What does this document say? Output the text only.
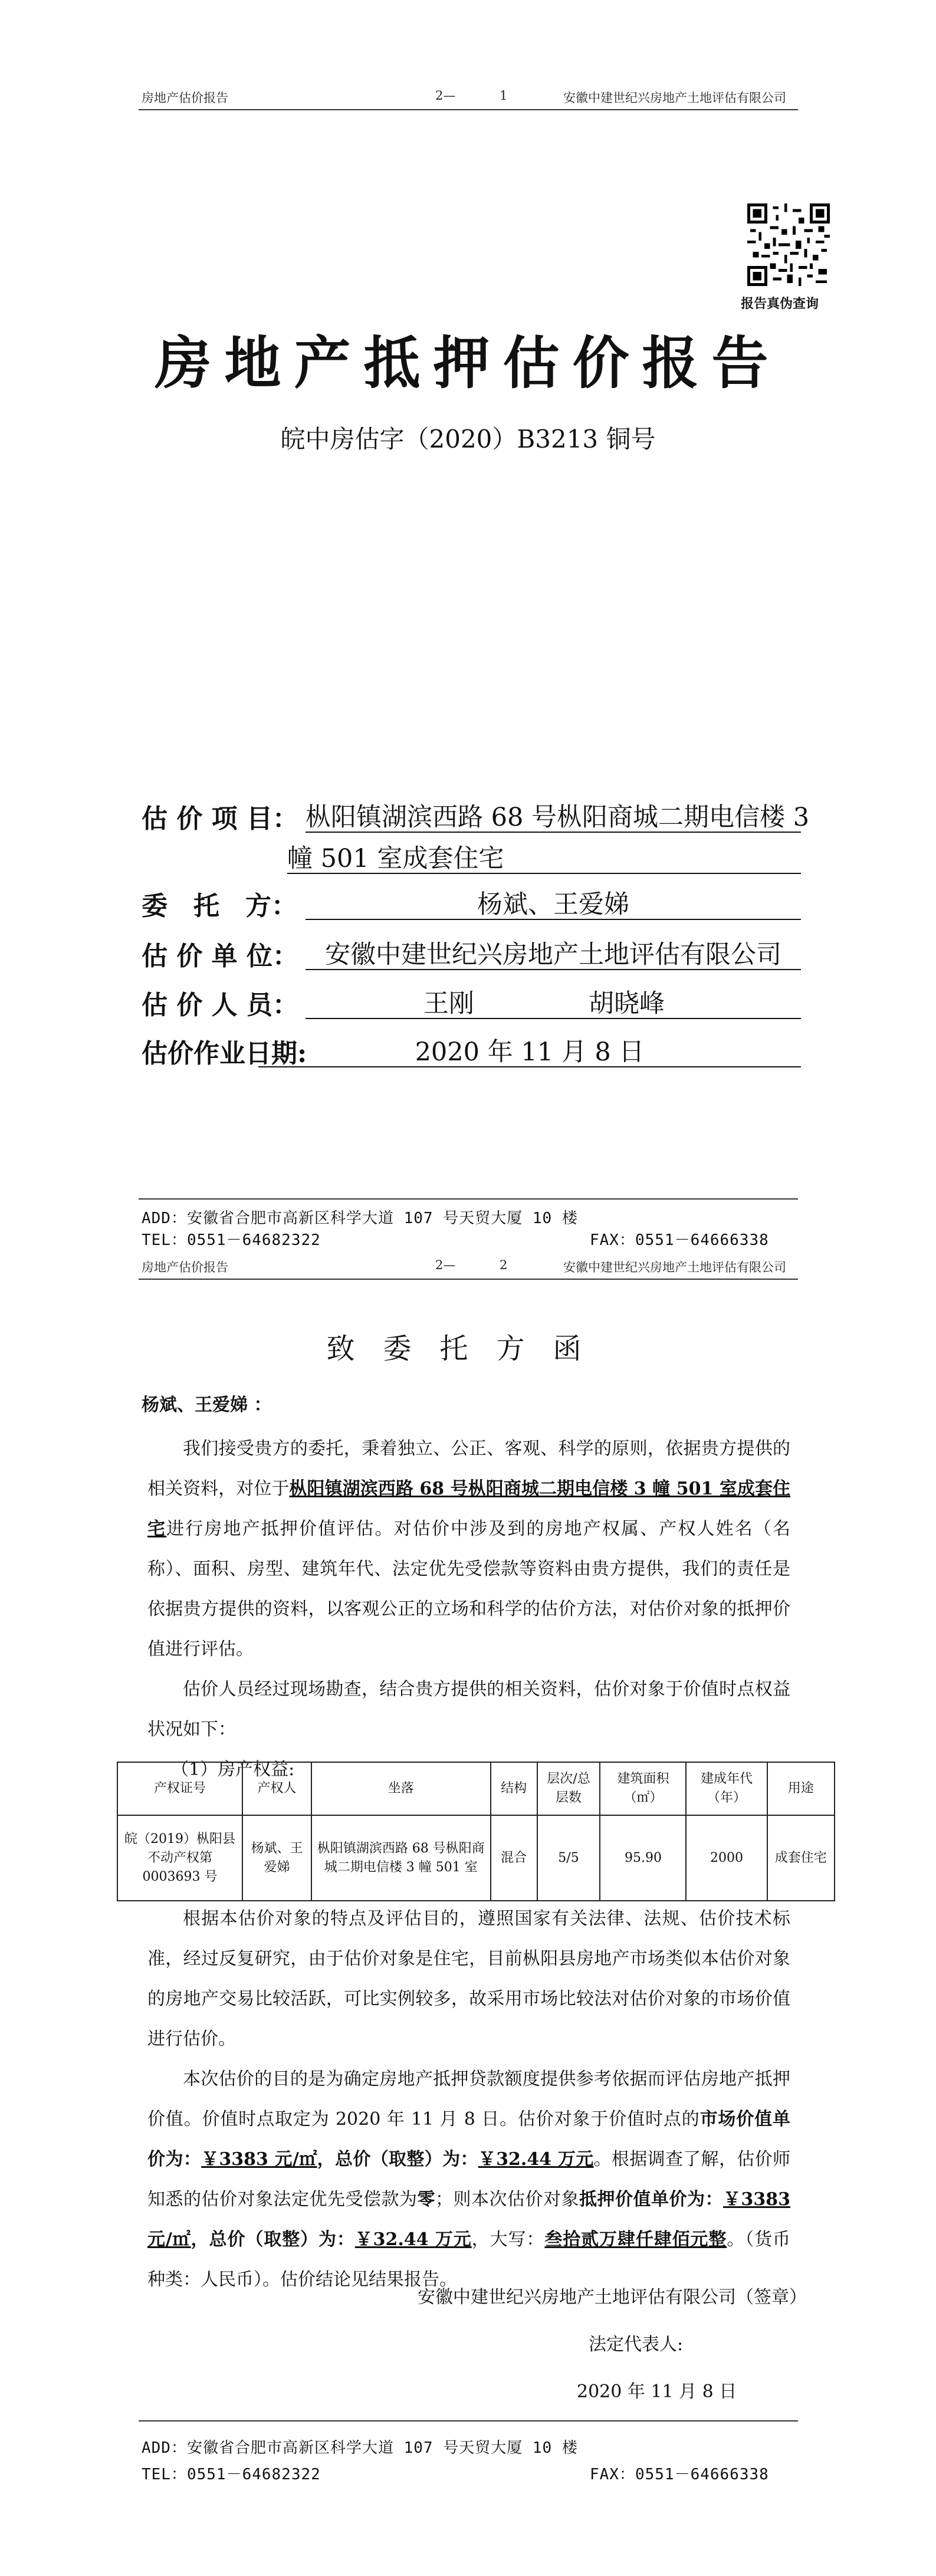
房地产估价报告	2—	1	安徽中建世纪兴房地产土地评估有限公司
报告真伪查询
房地产抵押估价报告
皖中房估字（2020）B3213 铜号
估 价 项 目： 枞阳镇湖滨西路 68 号枞阳商城二期电信楼 3
幢 501 室成套住宅
委　托　方：	杨斌、王爱娣
估 价 单 位：	安徽中建世纪兴房地产土地评估有限公司
估 价 人 员：	王刚	胡晓峰
估价作业日期:	2020 年 11 月 8 日
ADD：安徽省合肥市高新区科学大道 107 号天贸大厦 10 楼
TEL：0551－64682322	FAX：0551－64666338
房地产估价报告	2—	2	安徽中建世纪兴房地产土地评估有限公司
致委托方函
杨斌、王爱娣 ：

我们接受贵方的委托，秉着独立、公正、客观、科学的原则，依据贵方提供的相关资料，对位于枞阳镇湖滨西路 68 号枞阳商城二期电信楼 3 幢 501 室成套住宅进行房地产抵押价值评估。对估价中涉及到的房地产权属、产权人姓名（名称）、面积、房型、建筑年代、法定优先受偿款等资料由贵方提供，我们的责任是依据贵方提供的资料，以客观公正的立场和科学的估价方法，对估价对象的抵押价值进行评估。

估价人员经过现场勘查，结合贵方提供的相关资料，估价对象于价值时点权益状况如下：

（1）房产权益:

产权证号	产权人	坐落	结构	层次/总层数	建筑面积（㎡）	建成年代（年）	用途
皖（2019）枞阳县不动产权第0003693 号	杨斌、王爱娣	枞阳镇湖滨西路 68 号枞阳商城二期电信楼 3 幢 501 室	混合	5/5	95.90	2000	成套住宅

根据本估价对象的特点及评估目的，遵照国家有关法律、法规、估价技术标准，经过反复研究，由于估价对象是住宅，目前枞阳县房地产市场类似本估价对象的房地产交易比较活跃，可比实例较多，故采用市场比较法对估价对象的市场价值进行估价。

本次估价的目的是为确定房地产抵押贷款额度提供参考依据而评估房地产抵押价值。价值时点取定为 2020 年 11 月 8 日。估价对象于价值时点的市场价值单价为：￥3383 元/㎡，总价（取整）为：￥32.44 万元。根据调查了解，估价师知悉的估价对象法定优先受偿款为零；则本次估价对象抵押价值单价为：￥3383 元/㎡，总价（取整）为：￥32.44 万元，大写：叁拾贰万肆仟肆佰元整。（货币种类：人民币）。估价结论见结果报告。

安徽中建世纪兴房地产土地评估有限公司（签章）
法定代表人:
2020 年 11 月 8 日
ADD：安徽省合肥市高新区科学大道 107 号天贸大厦 10 楼
TEL：0551－64682322	FAX：0551－64666338
